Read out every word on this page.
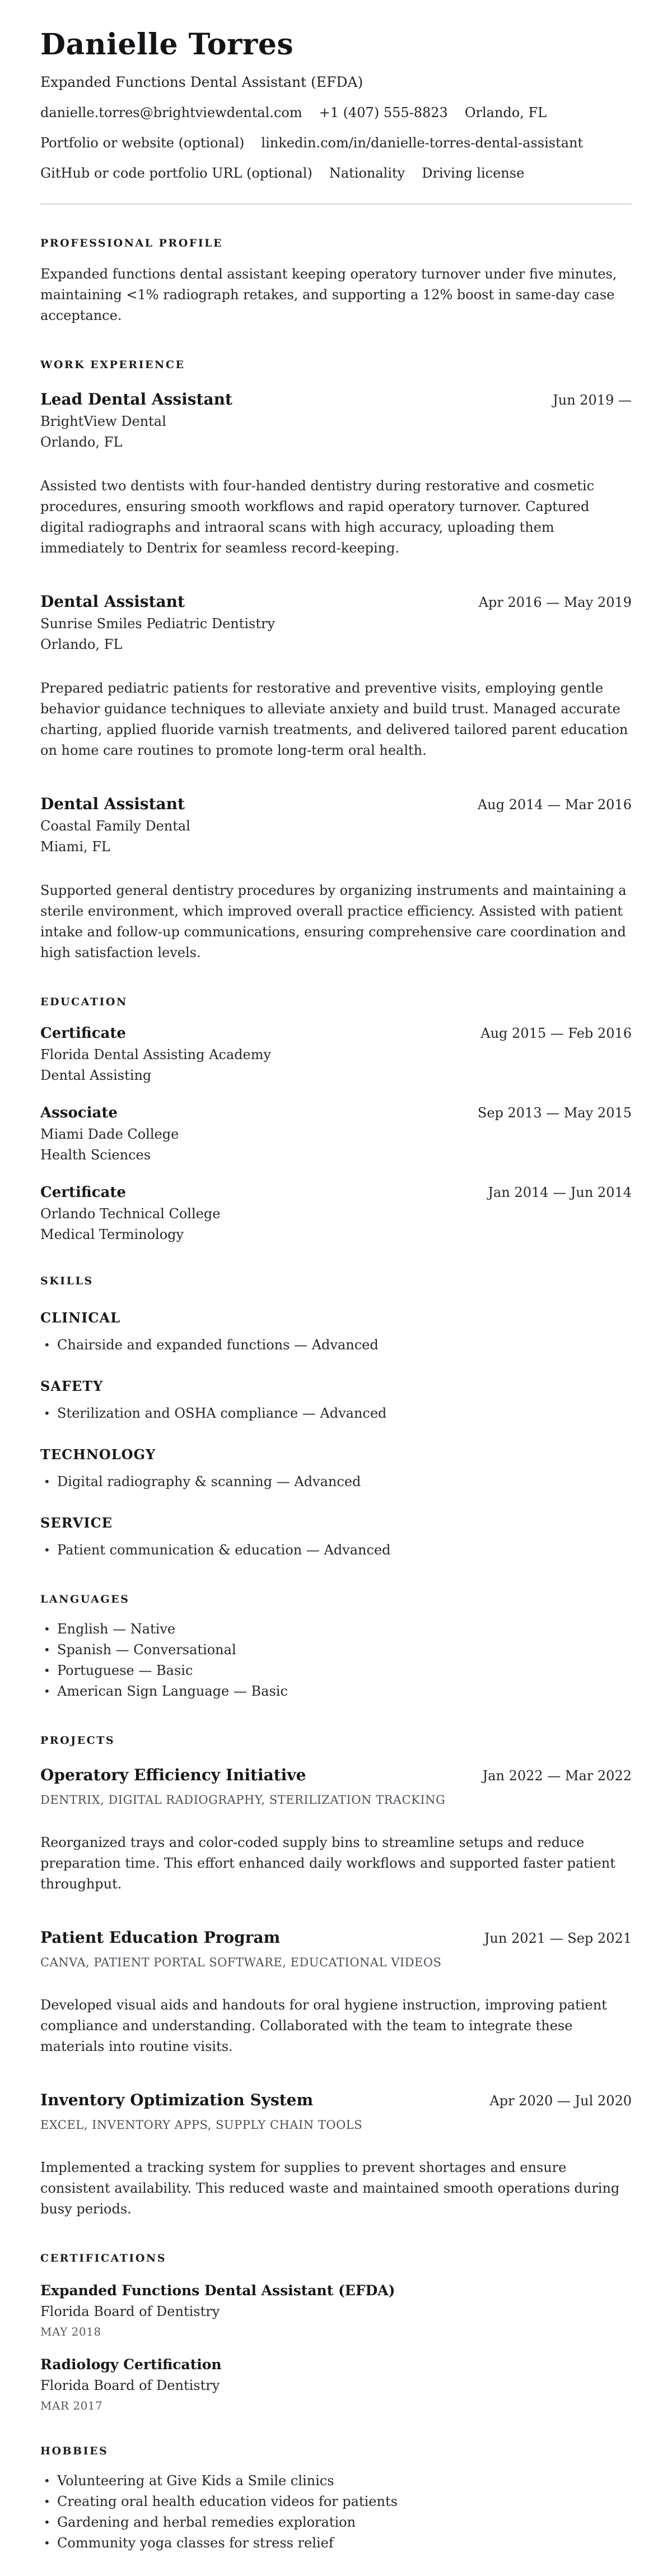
Danielle Torres
Expanded Functions Dental Assistant (EFDA)
danielle.torres@brightviewdental.com +1 (407) 555-8823 Orlando, FL
Portfolio or website (optional) linkedin.com/in/danielle-torres-dental-assistant
GitHub or code portfolio URL (optional) Nationality Driving license
PROFESSIONAL PROFILE

Expanded functions dental assistant keeping operatory turnover under five minutes, maintaining <1% radiograph retakes, and supporting a 12% boost in same-day case acceptance.

WORK EXPERIENCE
Lead Dental Assistant	Jun 2019 —
BrightView Dental
Orlando, FL

Assisted two dentists with four-handed dentistry during restorative and cosmetic procedures, ensuring smooth workflows and rapid operatory turnover. Captured digital radiographs and intraoral scans with high accuracy, uploading them immediately to Dentrix for seamless record-keeping.

Dental Assistant	Apr 2016 — May 2019
Sunrise Smiles Pediatric Dentistry
Orlando, FL

Prepared pediatric patients for restorative and preventive visits, employing gentle behavior guidance techniques to alleviate anxiety and build trust. Managed accurate charting, applied fluoride varnish treatments, and delivered tailored parent education on home care routines to promote long-term oral health.

Dental Assistant	Aug 2014 — Mar 2016
Coastal Family Dental
Miami, FL

Supported general dentistry procedures by organizing instruments and maintaining a sterile environment, which improved overall practice efficiency. Assisted with patient intake and follow-up communications, ensuring comprehensive care coordination and high satisfaction levels.

EDUCATION
Certificate	Aug 2015 — Feb 2016
Florida Dental Assisting Academy
Dental Assisting
Associate	Sep 2013 — May 2015
Miami Dade College
Health Sciences
Certificate	Jan 2014 — Jun 2014
Orlando Technical College
Medical Terminology
SKILLS
CLINICAL
• Chairside and expanded functions — Advanced
SAFETY
• Sterilization and OSHA compliance — Advanced
TECHNOLOGY
• Digital radiography & scanning — Advanced
SERVICE
• Patient communication & education — Advanced
LANGUAGES
• English — Native
• Spanish — Conversational
• Portuguese — Basic
• American Sign Language — Basic
PROJECTS
Operatory Efficiency Initiative	Jan 2022 — Mar 2022
DENTRIX, DIGITAL RADIOGRAPHY, STERILIZATION TRACKING

Reorganized trays and color-coded supply bins to streamline setups and reduce preparation time. This effort enhanced daily workflows and supported faster patient throughput.

Patient Education Program	Jun 2021 — Sep 2021
CANVA, PATIENT PORTAL SOFTWARE, EDUCATIONAL VIDEOS

Developed visual aids and handouts for oral hygiene instruction, improving patient compliance and understanding. Collaborated with the team to integrate these materials into routine visits.

Inventory Optimization System	Apr 2020 — Jul 2020
EXCEL, INVENTORY APPS, SUPPLY CHAIN TOOLS

Implemented a tracking system for supplies to prevent shortages and ensure consistent availability. This reduced waste and maintained smooth operations during busy periods.

CERTIFICATIONS
Expanded Functions Dental Assistant (EFDA)
Florida Board of Dentistry
MAY 2018
Radiology Certification
Florida Board of Dentistry
MAR 2017
HOBBIES
• Volunteering at Give Kids a Smile clinics
• Creating oral health education videos for patients
• Gardening and herbal remedies exploration
• Community yoga classes for stress relief
